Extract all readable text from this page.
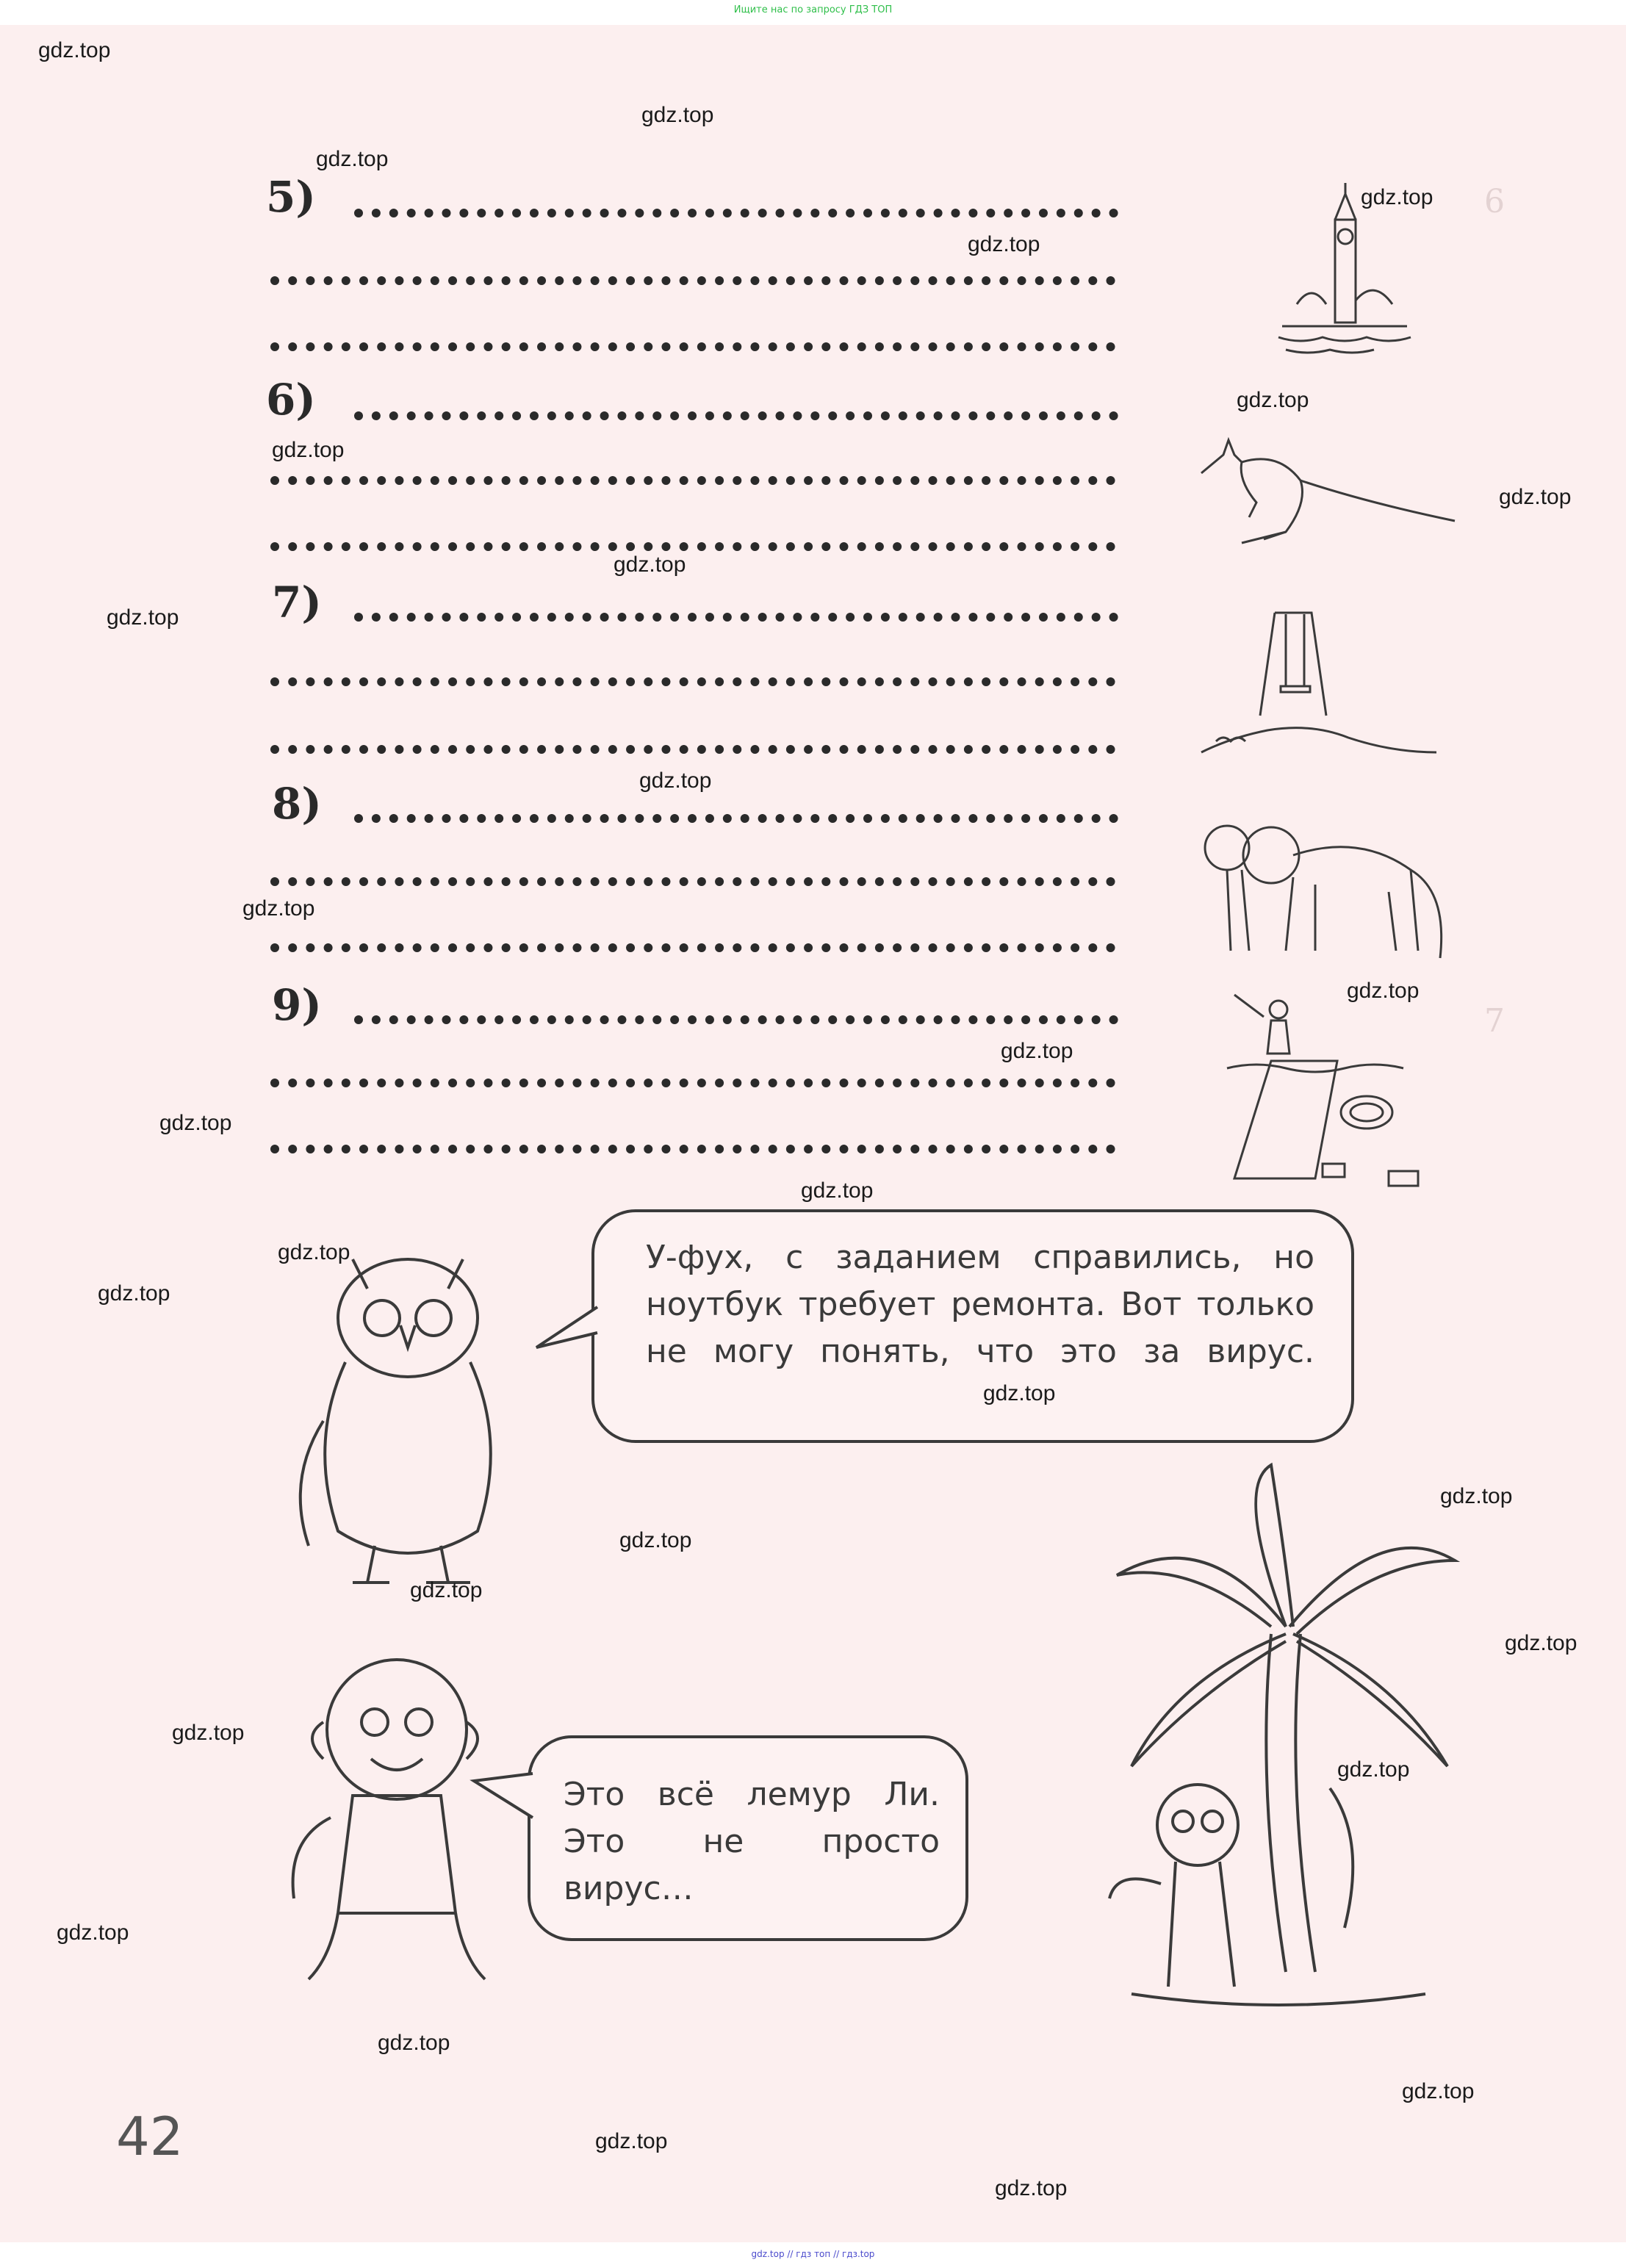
Ищите нас по запросу ГДЗ ТОП
6
7
5)
6)
7)
8)
9)
У-фух, с заданием справились, но ноутбук требует ремонта. Вот только не могу понять, что это за вирус.
Это всё лемур Ли. Это не просто вирус…
42
gdz.top
gdz.top
gdz.top
gdz.top
gdz.top
gdz.top
gdz.top
gdz.top
gdz.top
gdz.top
gdz.top
gdz.top
gdz.top
gdz.top
gdz.top
gdz.top
gdz.top
gdz.top
gdz.top
gdz.top
gdz.top
gdz.top
gdz.top
gdz.top
gdz.top
gdz.top
gdz.top
gdz.top
gdz.top
gdz.top
gdz.top // гдз топ // гдз.top
